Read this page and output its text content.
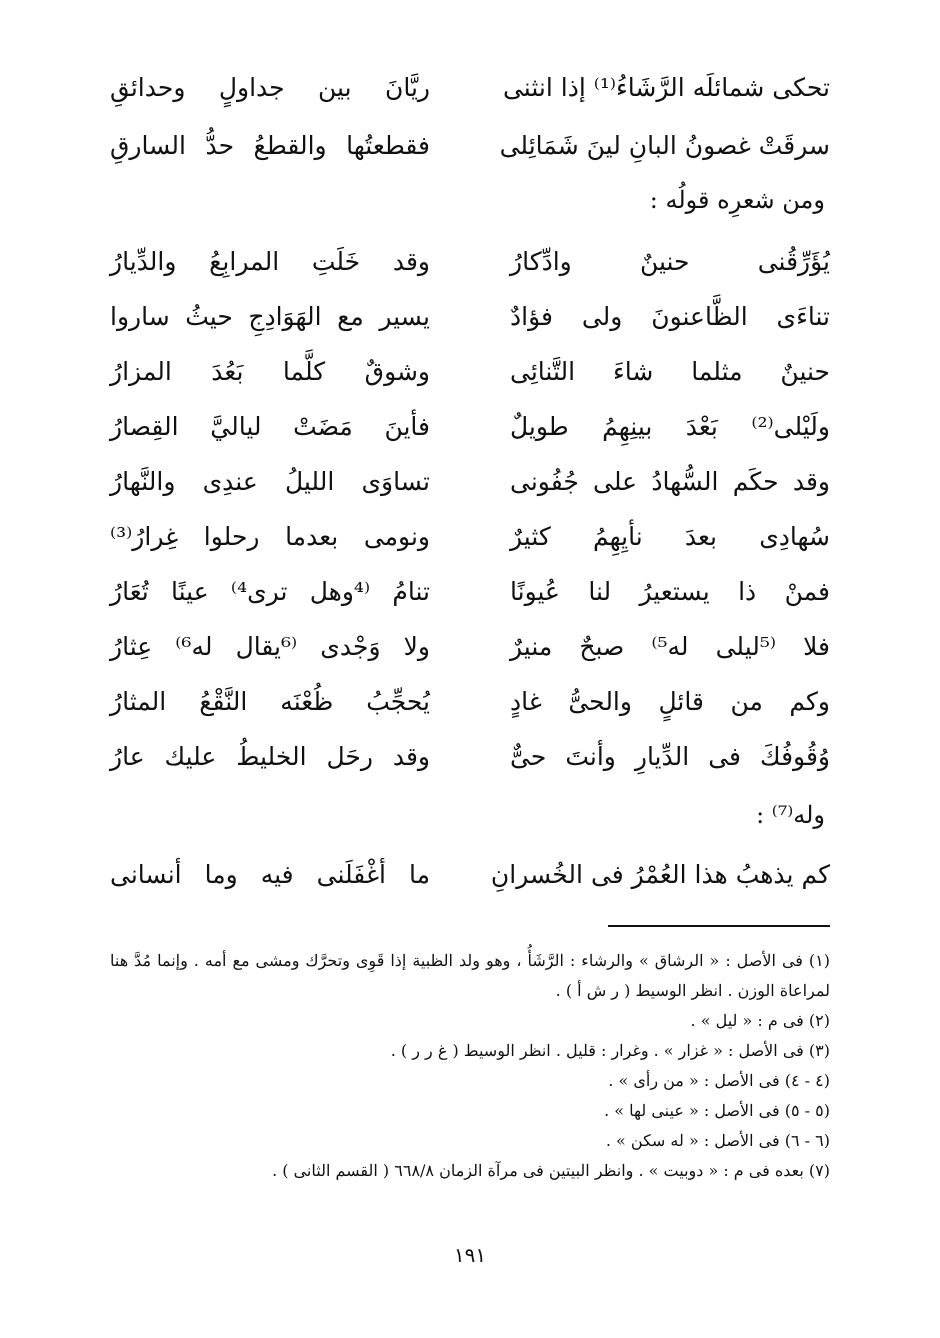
تحكى شمائلَه الرَّشَاءُ⁽¹⁾ إذا انثنى
ريَّانَ بين جداولٍ وحدائقِ
سرقَتْ غصونُ البانِ لينَ شَمَائِلى
فقطعتُها والقطعُ حدُّ السارقِ
ومن شعرِه قولُه :
يُؤَرِّقُنى حنينٌ وادِّكارُ
وقد خَلَتِ المرابِعُ والدِّيارُ
تناءَى الظَّاعنونَ ولى فؤادٌ
يسير مع الهَوَادِجِ حيثُ ساروا
حنينٌ مثلما شاءَ التَّنائِى
وشوقٌ كلَّما بَعُدَ المزارُ
ولَيْلى⁽²⁾ بَعْدَ بينِهِمُ طويلٌ
فأينَ مَضَتْ لياليَّ القِصارُ
وقد حكَم السُّهادُ على جُفُونى
تساوَى الليلُ عندِى والنَّهارُ
سُهادِى بعدَ نأيِهِمُ كثيرٌ
ونومى بعدما رحلوا غِرارُ⁽³⁾
فمنْ ذا يستعيرُ لنا عُيونًا
تنامُ ⁽⁴وهل ترى⁴⁾ عينًا تُعَارُ
فلا ⁽⁵ليلى له⁵⁾ صبحٌ منيرٌ
ولا وَجْدى ⁽⁶يقال له⁶⁾ عِثارُ
وكم من قائلٍ والحىُّ غادٍ
يُحجِّبُ ظُعْنَه النَّقْعُ المثارُ
وُقُوفُكَ فى الدِّيارِ وأنتَ حىٌّ
وقد رحَل الخليطُ عليك عارُ
وله⁽⁷⁾ :
كم يذهبُ هذا العُمْرُ فى الخُسرانِ
ما أغْفَلَنى فيه وما أنسانى
(١) فى الأصل : « الرشاق » والرشاء : الرَّشَأُ ، وهو ولد الظبية إذا قَوِى وتحرَّك ومشى مع أمه . وإنما مُدَّ هنا لمراعاة الوزن . انظر الوسيط ( ر ش أ ) .
(٢) فى م : « ليل » .
(٣) فى الأصل : « غزار » . وغرار : قليل . انظر الوسيط ( غ ر ر ) .
(٤ - ٤) فى الأصل : « من رأى » .
(٥ - ٥) فى الأصل : « عينى لها » .
(٦ - ٦) فى الأصل : « له سكن » .
(٧) بعده فى م : « دوبيت » . وانظر البيتين فى مرآة الزمان ٦٦٨/٨ ( القسم الثانى ) .
١٩١
